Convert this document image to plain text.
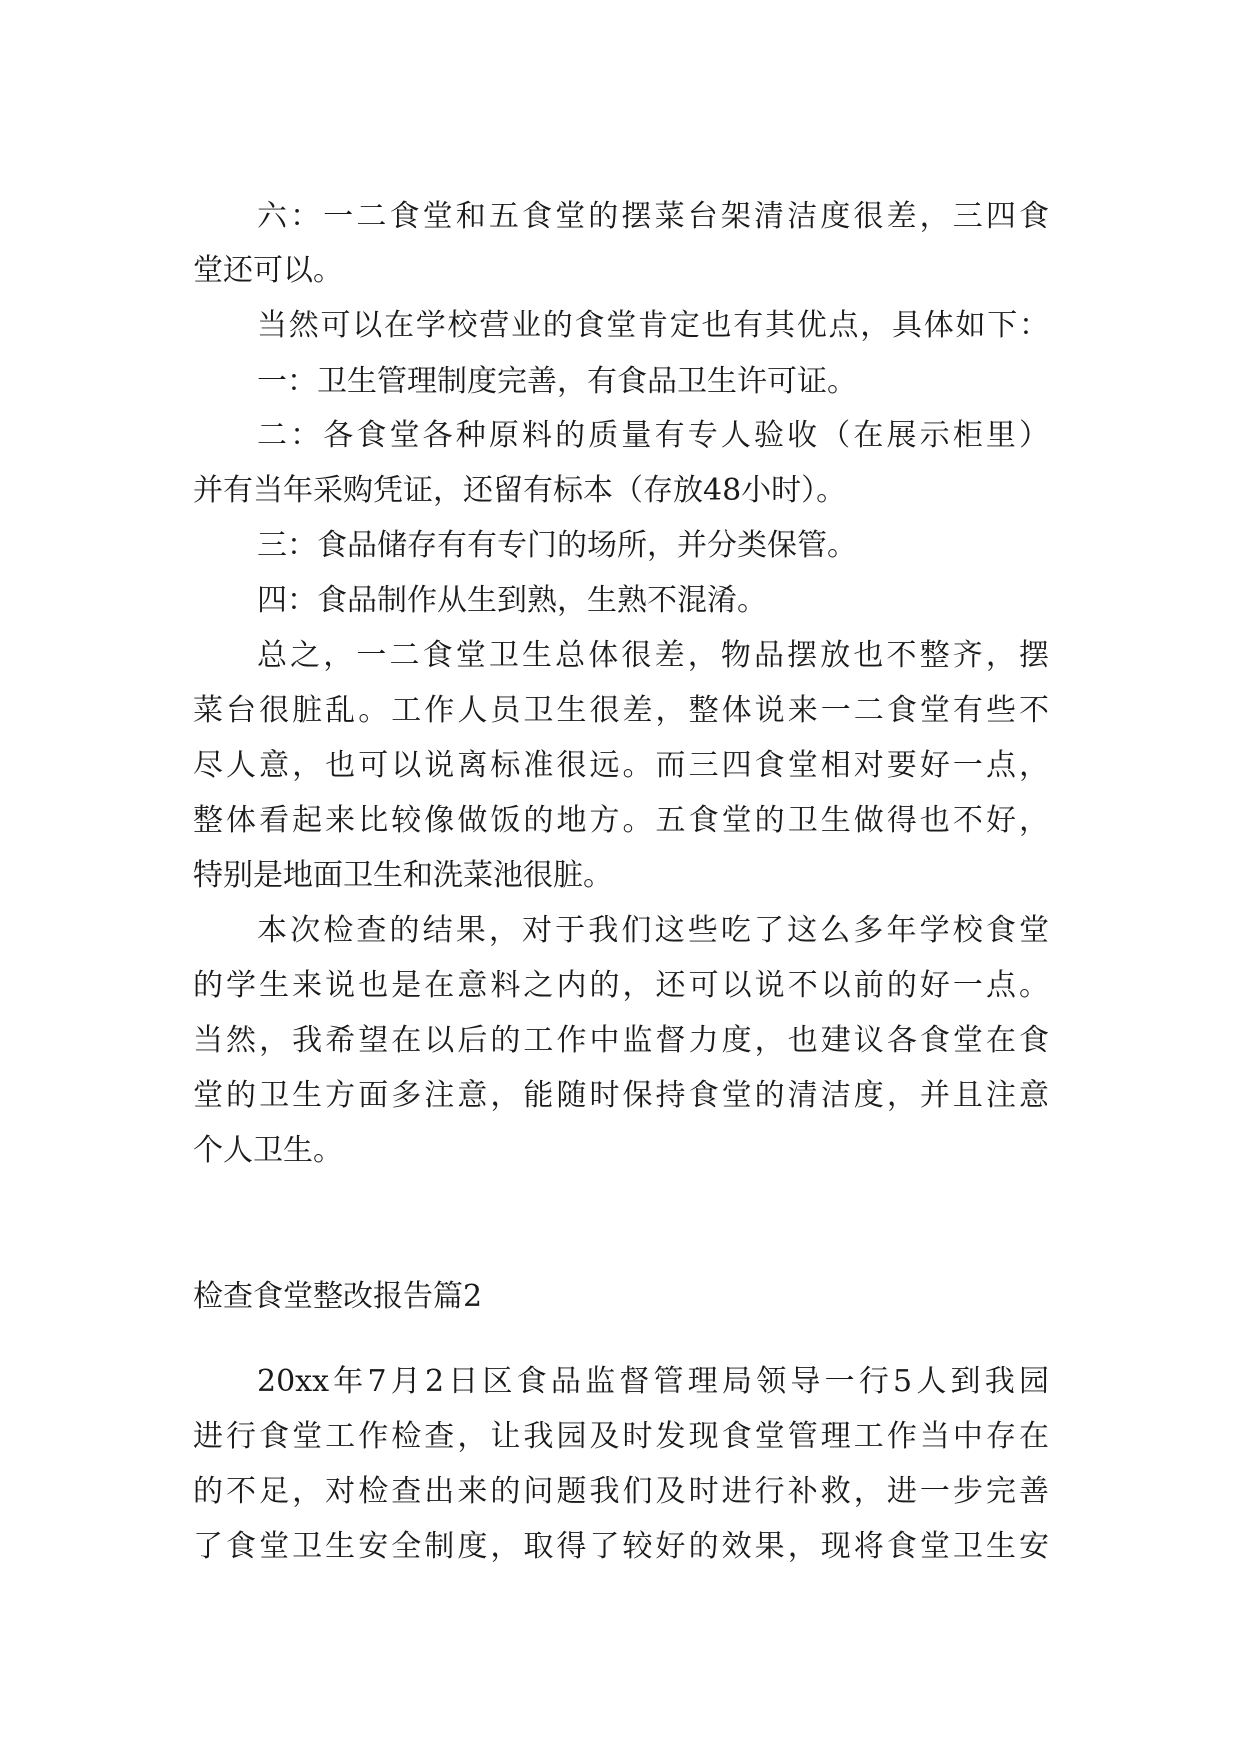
六：一二食堂和五食堂的摆菜台架清洁度很差，三四食

堂还可以。

当然可以在学校营业的食堂肯定也有其优点，具体如下：

一：卫生管理制度完善，有食品卫生许可证。

二：各食堂各种原料的质量有专人验收（在展示柜里）

并有当年采购凭证，还留有标本（存放48小时）。

三：食品储存有有专门的场所，并分类保管。

四：食品制作从生到熟，生熟不混淆。

总之，一二食堂卫生总体很差，物品摆放也不整齐，摆

菜台很脏乱。工作人员卫生很差，整体说来一二食堂有些不

尽人意，也可以说离标准很远。而三四食堂相对要好一点，

整体看起来比较像做饭的地方。五食堂的卫生做得也不好，

特别是地面卫生和洗菜池很脏。

本次检查的结果，对于我们这些吃了这么多年学校食堂

的学生来说也是在意料之内的，还可以说不以前的好一点。

当然，我希望在以后的工作中监督力度，也建议各食堂在食

堂的卫生方面多注意，能随时保持食堂的清洁度，并且注意

个人卫生。

检查食堂整改报告篇2

20xx年7月2日区食品监督管理局领导一行5人到我园

进行食堂工作检查，让我园及时发现食堂管理工作当中存在

的不足，对检查出来的问题我们及时进行补救，进一步完善

了食堂卫生安全制度，取得了较好的效果，现将食堂卫生安
